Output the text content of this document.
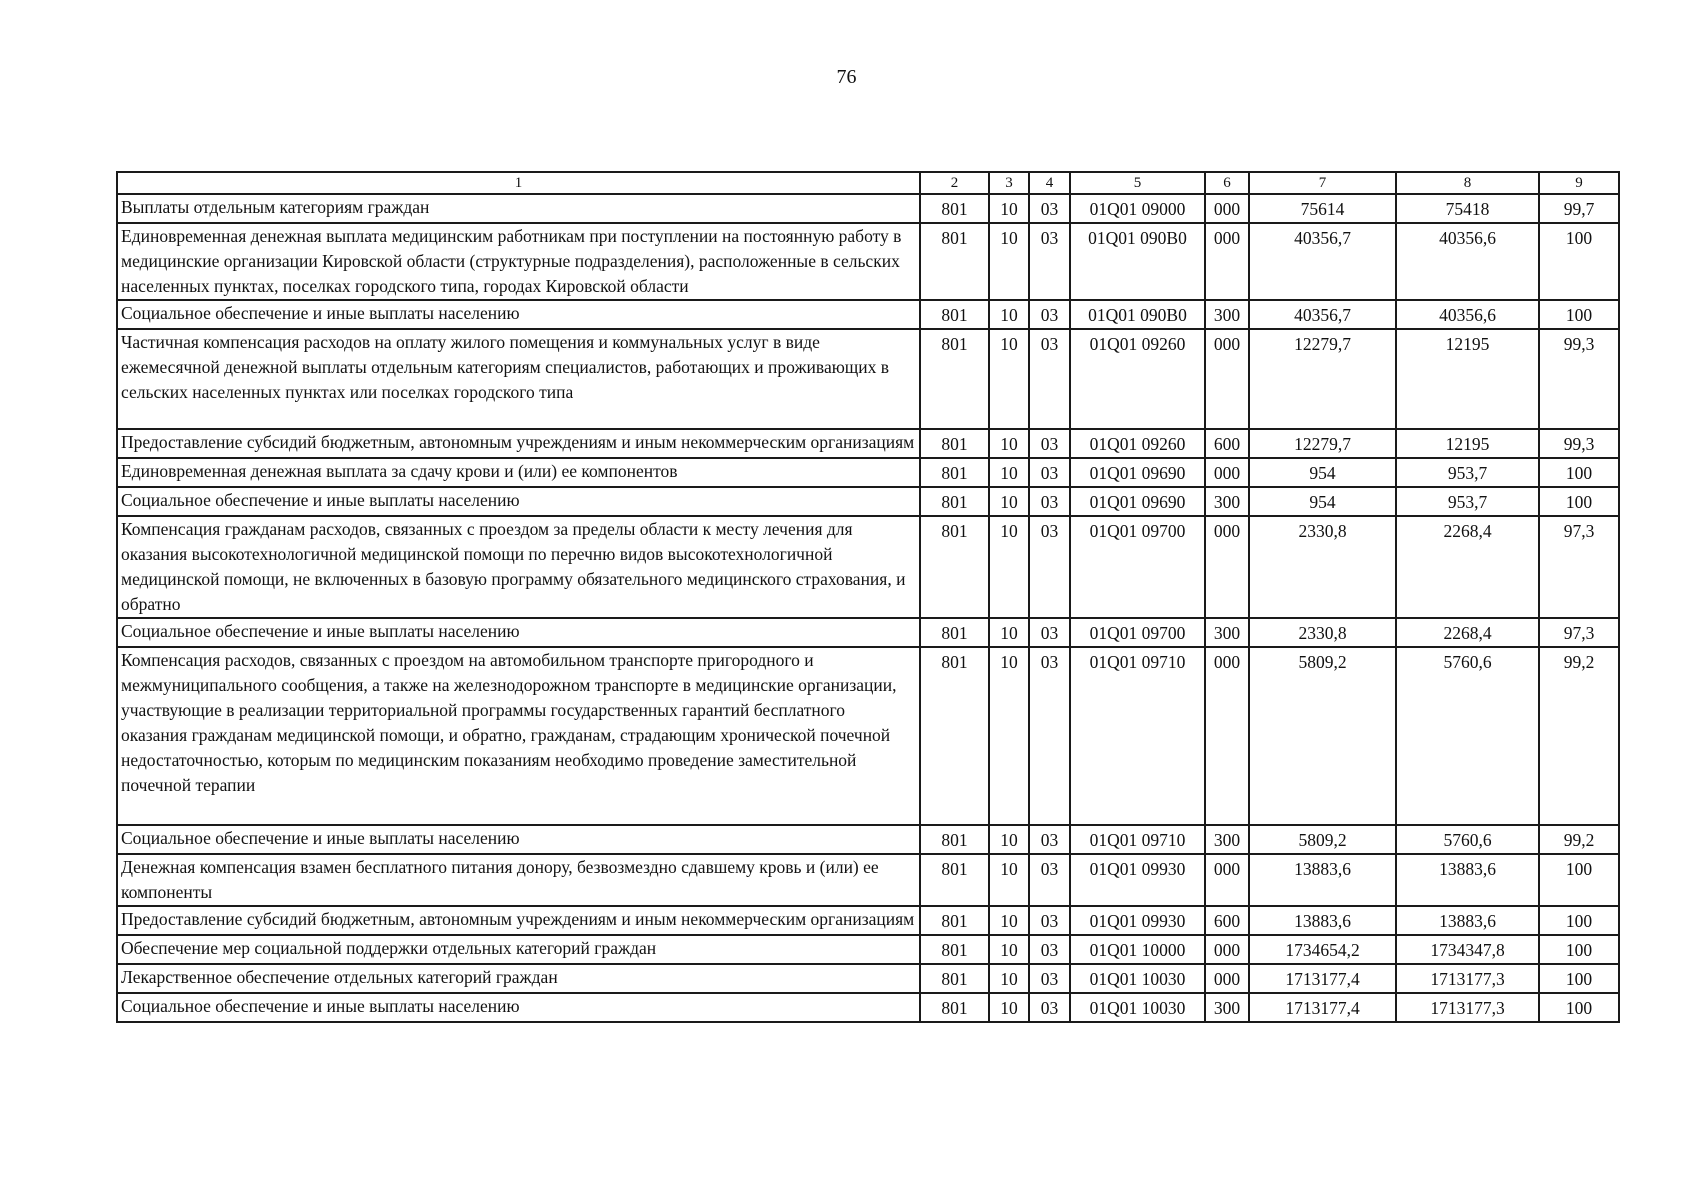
76
1	2	3	4	5	6	7	8	9
Выплаты отдельным категориям граждан	801	10	03	01Q01 09000	000	75614	75418	99,7
Единовременная денежная выплата медицинским работникам при поступлении на постоянную работу в медицинские организации Кировской области (структурные подразделения), расположенные в сельских населенных пунктах, поселках городского типа, городах Кировской области	801	10	03	01Q01 090B0	000	40356,7	40356,6	100
Социальное обеспечение и иные выплаты населению	801	10	03	01Q01 090B0	300	40356,7	40356,6	100
Частичная компенсация расходов на оплату жилого помещения и коммунальных услуг в виде ежемесячной денежной выплаты отдельным категориям специалистов, работающих и проживающих в сельских населенных пунктах или поселках городского типа	801	10	03	01Q01 09260	000	12279,7	12195	99,3
Предоставление субсидий бюджетным, автономным учреждениям и иным некоммерческим организациям	801	10	03	01Q01 09260	600	12279,7	12195	99,3
Единовременная денежная выплата за сдачу крови и (или) ее компонентов	801	10	03	01Q01 09690	000	954	953,7	100
Социальное обеспечение и иные выплаты населению	801	10	03	01Q01 09690	300	954	953,7	100
Компенсация гражданам расходов, связанных с проездом за пределы области к месту лечения для оказания высокотехнологичной медицинской помощи по перечню видов высокотехнологичной медицинской помощи, не включенных в базовую программу обязательного медицинского страхования, и обратно	801	10	03	01Q01 09700	000	2330,8	2268,4	97,3
Социальное обеспечение и иные выплаты населению	801	10	03	01Q01 09700	300	2330,8	2268,4	97,3
Компенсация расходов, связанных с проездом на автомобильном транспорте пригородного и межмуниципального сообщения, а также на железнодорожном транспорте в медицинские организации, участвующие в реализации территориальной программы государственных гарантий бесплатного оказания гражданам медицинской помощи, и обратно, гражданам, страдающим хронической почечной недостаточностью, которым по медицинским показаниям необходимо проведение заместительной почечной терапии	801	10	03	01Q01 09710	000	5809,2	5760,6	99,2
Социальное обеспечение и иные выплаты населению	801	10	03	01Q01 09710	300	5809,2	5760,6	99,2
Денежная компенсация взамен бесплатного питания донору, безвозмездно сдавшему кровь и (или) ее компоненты	801	10	03	01Q01 09930	000	13883,6	13883,6	100
Предоставление субсидий бюджетным, автономным учреждениям и иным некоммерческим организациям	801	10	03	01Q01 09930	600	13883,6	13883,6	100
Обеспечение мер социальной поддержки отдельных категорий граждан	801	10	03	01Q01 10000	000	1734654,2	1734347,8	100
Лекарственное обеспечение отдельных категорий граждан	801	10	03	01Q01 10030	000	1713177,4	1713177,3	100
Социальное обеспечение и иные выплаты населению	801	10	03	01Q01 10030	300	1713177,4	1713177,3	100
